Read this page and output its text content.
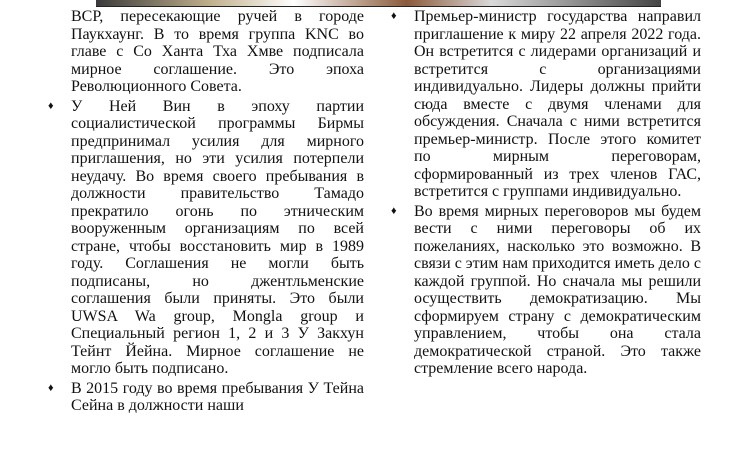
ВСР, пересекающие ручей в городе Паукхаунг. В то время группа KNC во главе с Со Ханта Тха Хмве подписала мирное соглашение. Это эпоха Революционного Совета.
♦ У Ней Вин в эпоху партии социалистической программы Бирмы предпринимал усилия для мирного приглашения, но эти усилия потерпели неудачу. Во время своего пребывания в должности правительство Тамадо прекратило огонь по этническим вооруженным организациям по всей стране, чтобы восстановить мир в 1989 году. Соглашения не могли быть подписаны, но джентльменские соглашения были приняты. Это были UWSA Wa group, Mongla group и Специальный регион 1, 2 и 3 У Закхун Тейнт Йейна. Мирное соглашение не могло быть подписано.
♦ В 2015 году во время пребывания У Тейна Сейна в должности наши
♦ Премьер-министр государства направил приглашение к миру 22 апреля 2022 года. Он встретится с лидерами организаций и встретится с организациями индивидуально. Лидеры должны прийти сюда вместе с двумя членами для обсуждения. Сначала с ними встретится премьер-министр. После этого комитет по мирным переговорам, сформированный из трех членов ГАС, встретится с группами индивидуально.
♦ Во время мирных переговоров мы будем вести с ними переговоры об их пожеланиях, насколько это возможно. В связи с этим нам приходится иметь дело с каждой группой. Но сначала мы решили осуществить демократизацию. Мы сформируем страну с демократическим управлением, чтобы она стала демократической страной. Это также стремление всего народа.
